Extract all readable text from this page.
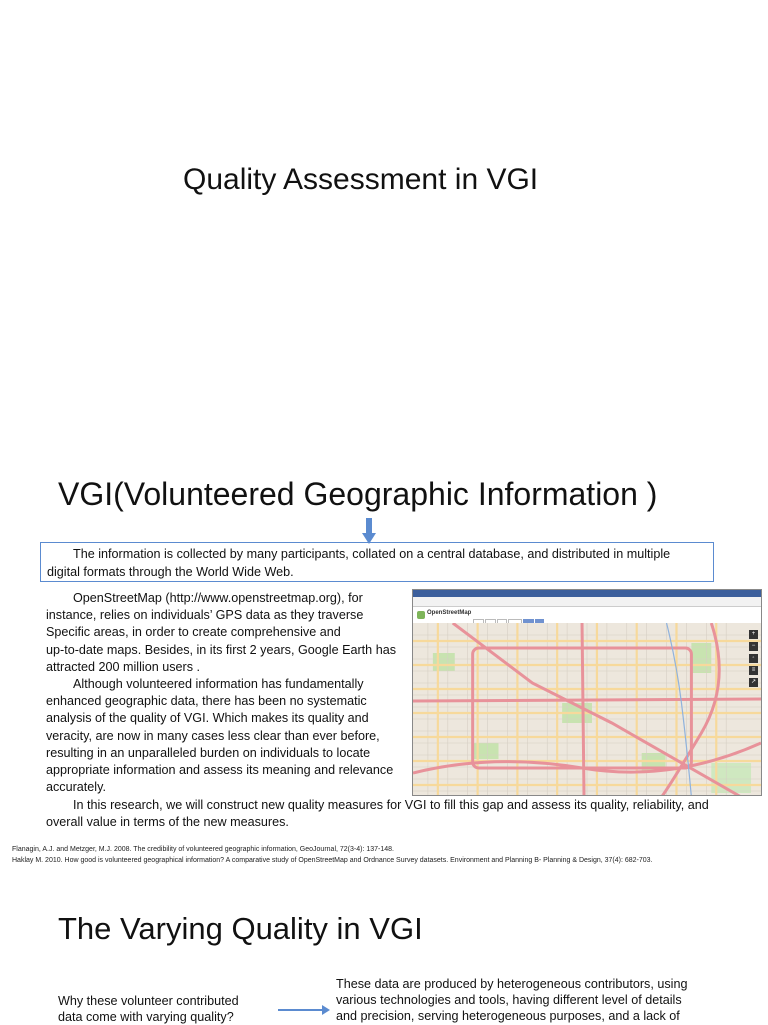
Quality Assessment in VGI
VGI(Volunteered Geographic Information )
The information is collected by many participants, collated on a central database, and distributed in multiple
digital formats through the World Wide Web.

OpenStreetMap (http://www.openstreetmap.org), for

instance, relies on individuals’ GPS data as they traverse

Specific areas, in order to create comprehensive and

up-to-date maps. Besides, in its first 2 years, Google Earth has

attracted 200 million users .

Although volunteered information has fundamentally

enhanced geographic data, there has been no systematic

analysis of the quality of VGI. Which makes its quality and

veracity, are now in many cases less clear than ever before,

resulting in an unparalleled burden on individuals to locate

appropriate information and assess its meaning and relevance

accurately.

In this research, we will construct new quality measures for VGI to fill this gap and assess its quality, reliability, and

overall value in terms of the new measures.

OpenStreetMap

+
−
◦
≡
↗
Flanagin, A.J. and Metzger, M.J. 2008. The credibility of volunteered geographic information, GeoJournal, 72(3-4): 137-148.
Haklay M. 2010. How good is volunteered geographical information? A comparative study of OpenStreetMap and Ordnance Survey datasets. Environment and Planning B- Planning & Design, 37(4): 682-703.
The Varying Quality in VGI
Why these volunteer contributed
data come with varying quality?
These data are produced by heterogeneous contributors, using
various technologies and tools, having different level of details
and precision, serving heterogeneous purposes, and a lack of
